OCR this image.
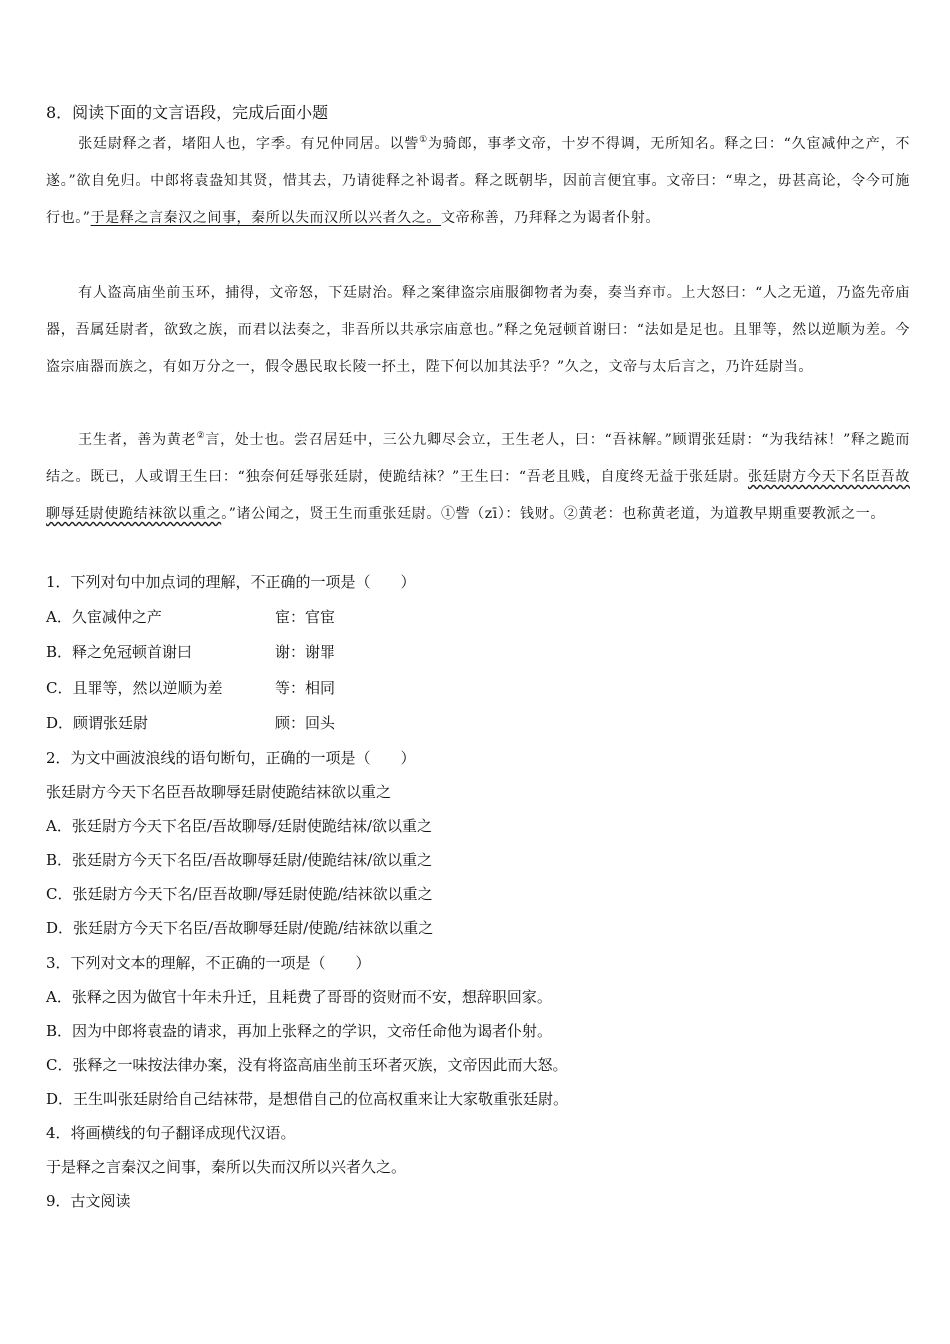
8．阅读下面的文言语段，完成后面小题
张廷尉释之者，堵阳人也，字季。有兄仲同居。以訾①为骑郎，事孝文帝，十岁不得调，无所知名。释之曰：“久宦减仲之产，不遂。”欲自免归。中郎将袁盎知其贤，惜其去，乃请徙释之补谒者。释之既朝毕，因前言便宜事。文帝曰：“卑之，毋甚高论，令今可施行也。”于是释之言秦汉之间事，秦所以失而汉所以兴者久之。文帝称善，乃拜释之为谒者仆射。
有人盗高庙坐前玉环，捕得，文帝怒，下廷尉治。释之案律盗宗庙服御物者为奏，奏当弃市。上大怒曰：“人之无道，乃盗先帝庙器，吾属廷尉者，欲致之族，而君以法奏之，非吾所以共承宗庙意也。”释之免冠顿首谢曰：“法如是足也。且罪等，然以逆顺为差。今盗宗庙器而族之，有如万分之一，假令愚民取长陵一抔土，陛下何以加其法乎？”久之，文帝与太后言之，乃许廷尉当。
王生者，善为黄老②言，处士也。尝召居廷中，三公九卿尽会立，王生老人，曰：“吾袜解。”顾谓张廷尉：“为我结袜！”释之跪而结之。既已，人或谓王生曰：“独奈何廷辱张廷尉，使跪结袜？”王生曰：“吾老且贱，自度终无益于张廷尉。张廷尉方今天下名臣吾故聊辱廷尉使跪结袜欲以重之。”诸公闻之，贤王生而重张廷尉。①訾（zī）：钱财。②黄老：也称黄老道，为道教早期重要教派之一。
1．下列对句中加点词的理解，不正确的一项是（　　）
A．久宦减仲之产	宦：官宦
B．释之免冠顿首谢曰	谢：谢罪
C．且罪等，然以逆顺为差	等：相同
D．顾谓张廷尉	顾：回头
2．为文中画波浪线的语句断句，正确的一项是（　　）
张廷尉方今天下名臣吾故聊辱廷尉使跪结袜欲以重之
A．张廷尉方今天下名臣/吾故聊辱/廷尉使跪结袜/欲以重之
B．张廷尉方今天下名臣/吾故聊辱廷尉/使跪结袜/欲以重之
C．张廷尉方今天下名/臣吾故聊/辱廷尉使跪/结袜欲以重之
D．张廷尉方今天下名臣/吾故聊辱廷尉/使跪/结袜欲以重之
3．下列对文本的理解，不正确的一项是（　　）
A．张释之因为做官十年未升迁，且耗费了哥哥的资财而不安，想辞职回家。
B．因为中郎将袁盎的请求，再加上张释之的学识，文帝任命他为谒者仆射。
C．张释之一味按法律办案，没有将盗高庙坐前玉环者灭族，文帝因此而大怒。
D．王生叫张廷尉给自己结袜带，是想借自己的位高权重来让大家敬重张廷尉。
4．将画横线的句子翻译成现代汉语。
于是释之言秦汉之间事，秦所以失而汉所以兴者久之。
9．古文阅读
